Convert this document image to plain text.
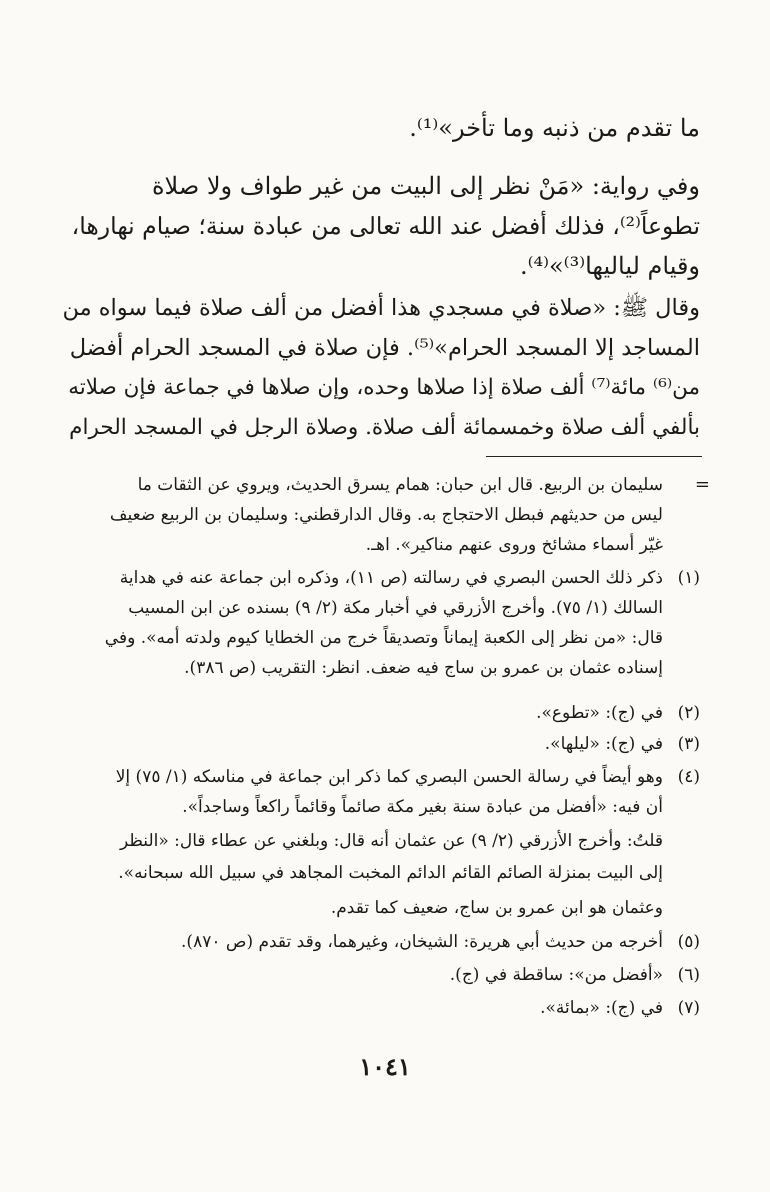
ما تقدم من ذنبه وما تأخر»⁽¹⁾.
وفي رواية: «مَنْ نظر إلى البيت من غير طواف ولا صلاة
تطوعاً⁽²⁾، فذلك أفضل عند الله تعالى من عبادة سنة؛ صيام نهارها،
وقيام لياليها⁽³⁾»⁽⁴⁾.
وقال ﷺ: «صلاة في مسجدي هذا أفضل من ألف صلاة فيما سواه من
المساجد إلا المسجد الحرام»⁽⁵⁾. فإن صلاة في المسجد الحرام أفضل
من⁽⁶⁾ مائة⁽⁷⁾ ألف صلاة إذا صلاها وحده، وإن صلاها في جماعة فإن صلاته
بألفي ألف صلاة وخمسمائة ألف صلاة. وصلاة الرجل في المسجد الحرام
=
سليمان بن الربيع. قال ابن حبان: همام يسرق الحديث، ويروي عن الثقات ما
ليس من حديثهم فبطل الاحتجاج به. وقال الدارقطني: وسليمان بن الربيع ضعيف
غيّر أسماء مشائخ وروى عنهم مناكير». اهـ.
(١)
ذكر ذلك الحسن البصري في رسالته (ص ١١)، وذكره ابن جماعة عنه في هداية
السالك (١/ ٧٥). وأخرج الأزرقي في أخبار مكة (٢/ ٩) بسنده عن ابن المسيب
قال: «من نظر إلى الكعبة إيماناً وتصديقاً خرج من الخطايا كيوم ولدته أمه». وفي
إسناده عثمان بن عمرو بن ساج فيه ضعف. انظر: التقريب (ص ٣٨٦).
(٢)
في (ج): «تطوع».
(٣)
في (ج): «ليلها».
(٤)
وهو أيضاً في رسالة الحسن البصري كما ذكر ابن جماعة في مناسكه (١/ ٧٥) إلا
أن فيه: «أفضل من عبادة سنة بغير مكة صائماً وقائماً راكعاً وساجداً».
قلتُ: وأخرج الأزرقي (٢/ ٩) عن عثمان أنه قال: وبلغني عن عطاء قال: «النظر
إلى البيت بمنزلة الصائم القائم الدائم المخبت المجاهد في سبيل الله سبحانه».
وعثمان هو ابن عمرو بن ساج، ضعيف كما تقدم.
(٥)
أخرجه من حديث أبي هريرة: الشيخان، وغيرهما، وقد تقدم (ص ٨٧٠).
(٦)
«أفضل من»: ساقطة في (ج).
(٧)
في (ج): «بمائة».
١٠٤١
